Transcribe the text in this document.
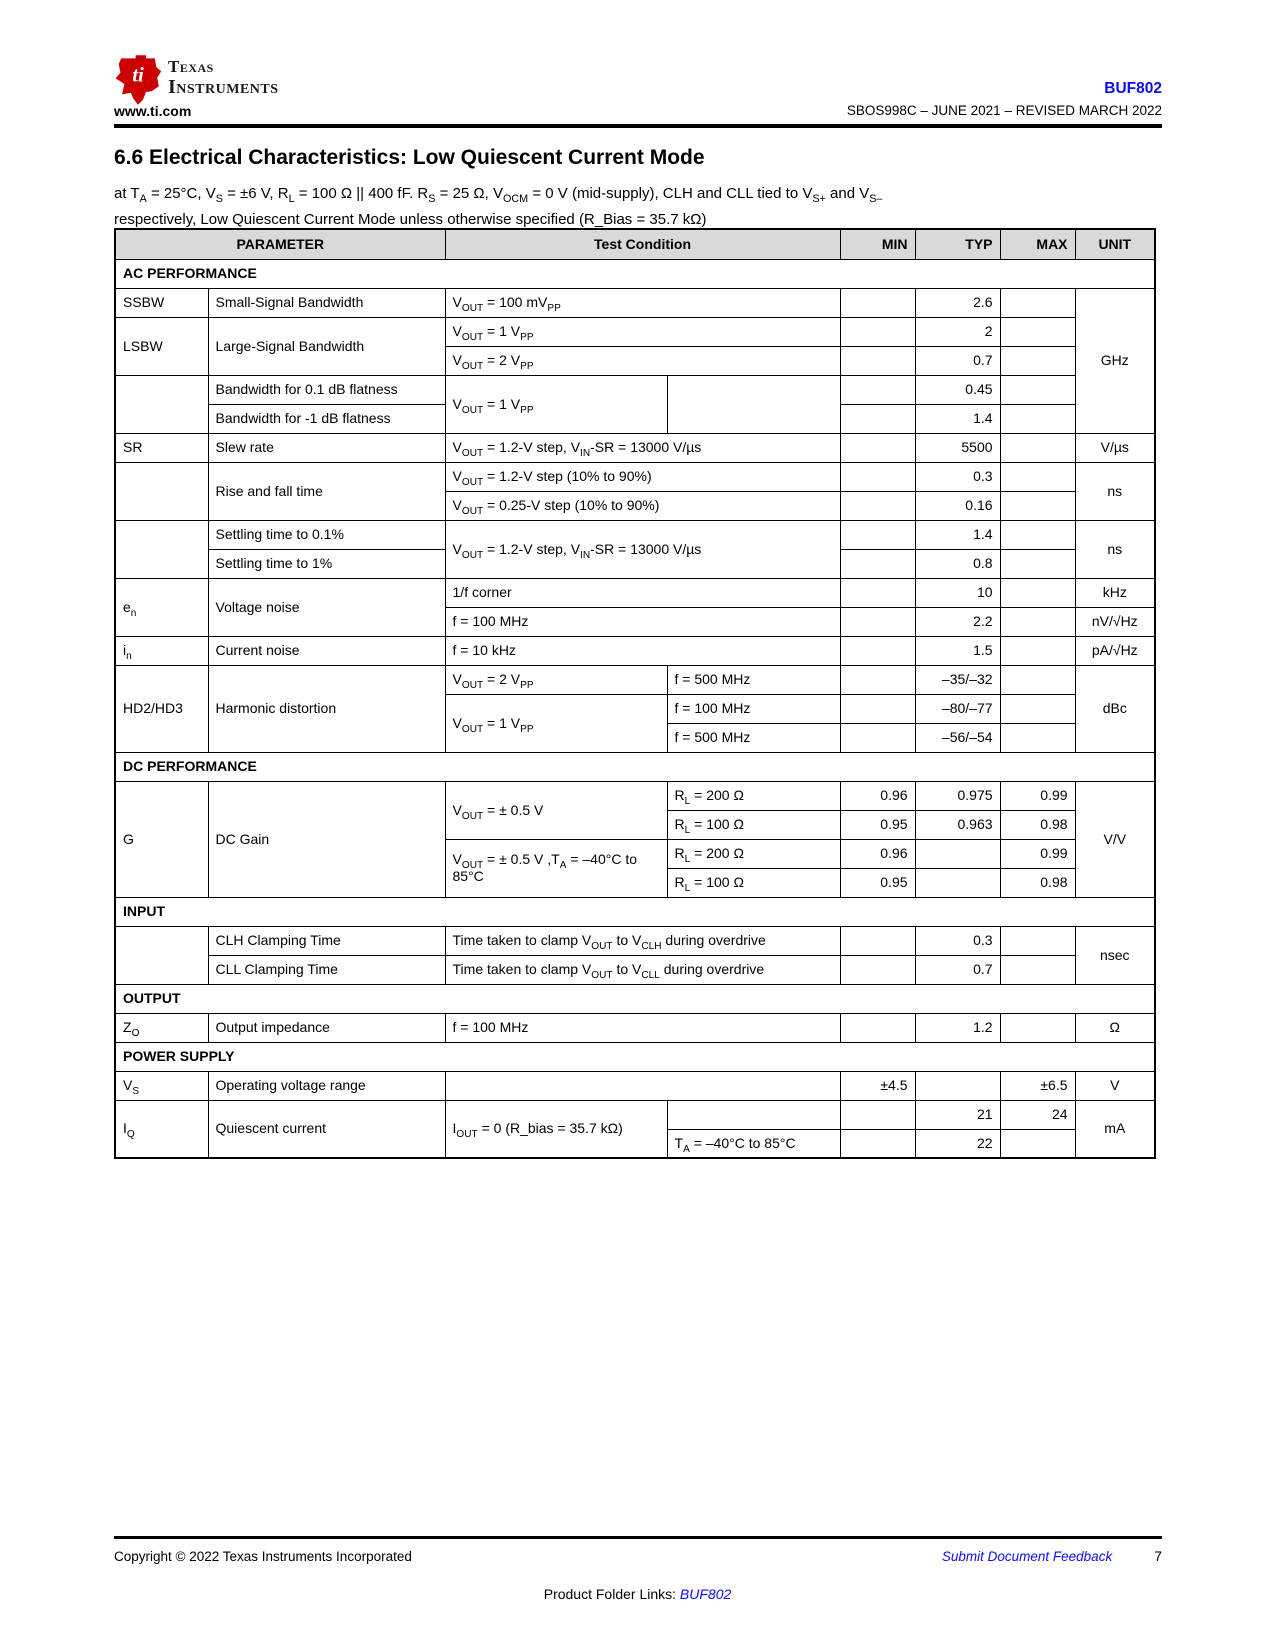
ti Texas
Instruments
www.ti.com
BUF802
SBOS998C – JUNE 2021 – REVISED MARCH 2022
6.6 Electrical Characteristics: Low Quiescent Current Mode
at $T_A = 25^\circ C$, $V_S = \pm 6$ V, $R_L = 100$ Ω || 400 fF. $R_S = 25$ Ω, $V_{OCM} = 0$ V (mid-supply), CLH and CLL tied to $V_{S+}$ and $V_{S-}$
respectively, Low Quiescent Current Mode unless otherwise specified (R_Bias = 35.7 kΩ)
PARAMETER		Test Condition		MIN	TYP	MAX	UNIT
AC PERFORMANCE							
SSBW	Small-Signal Bandwidth	$V_{OUT} = 100$ $mV_{PP}$			2.6		GHz
LSBW	Large-Signal Bandwidth	$V_{OUT} = 1$ $V_{PP}$			2		
		$V_{OUT} = 2$ $V_{PP}$			0.7		
	Bandwidth for 0.1 dB flatness	$V_{OUT} = 1$ $V_{PP}$			0.45		
	Bandwidth for -1 dB flatness				1.4		
SR	Slew rate	$V_{OUT} = 1.2-V$ step, $V_{IN}-SR = 13000$ V/µs			5500		V/µs
	Rise and fall time	$V_{OUT} = 1.2-V$ step (10% to 90%)			0.3		ns
		$V_{OUT} = 0.25-V$ step (10% to 90%)			0.16		
	Settling time to 0.1%	$V_{OUT} = 1.2-V$ step, $V_{IN}-SR = 13000$ V/µs			1.4		ns
	Settling time to 1%				0.8		
$e_n$	Voltage noise	1/f corner			10		kHz
		f = 100 MHz			2.2		nV/√Hz
$i_n$	Current noise	f = 10 kHz			1.5		pA/√Hz
HD2/HD3	Harmonic distortion	$V_{OUT} = 2$ $V_{PP}$	f = 500 MHz		–35/–32		dBc
		$V_{OUT} = 1$ $V_{PP}$	f = 100 MHz		–80/–77		
			f = 500 MHz		–56/–54		
DC PERFORMANCE							
G	DC Gain	$V_{OUT}$ = ± 0.5 V	$R_L = 200$ Ω	0.96	0.975	0.99	V/V
			$R_L = 100$ Ω	0.95	0.963	0.98	
		$V_{OUT}$ = ± 0.5 V $,T_A = -40^\circ C$ to 85°C	$R_L = 200$ Ω	0.96		0.99	
			$R_L = 100$ Ω	0.95		0.98	
INPUT							
	CLH Clamping Time	Time taken to clamp $V_{OUT}$ to $V_{CLH}$ during overdrive			0.3		nsec
	CLL Clamping Time	Time taken to clamp $V_{OUT}$ to $V_{CLL}$ during overdrive			0.7		
OUTPUT							
$Z_O$	Output impedance	f = 100 MHz			1.2		Ω
POWER SUPPLY							
$V_S$	Operating voltage range			±4.5		±6.5	V
$I_Q$	Quiescent current	$I_{OUT} = 0$ (R_bias = 35.7 kΩ)			21	24	mA
			$T_A = -40^\circ C$ to 85°C		22		
Copyright © 2022 Texas Instruments Incorporated	Submit Document Feedback	7
Product Folder Links: BUF802
